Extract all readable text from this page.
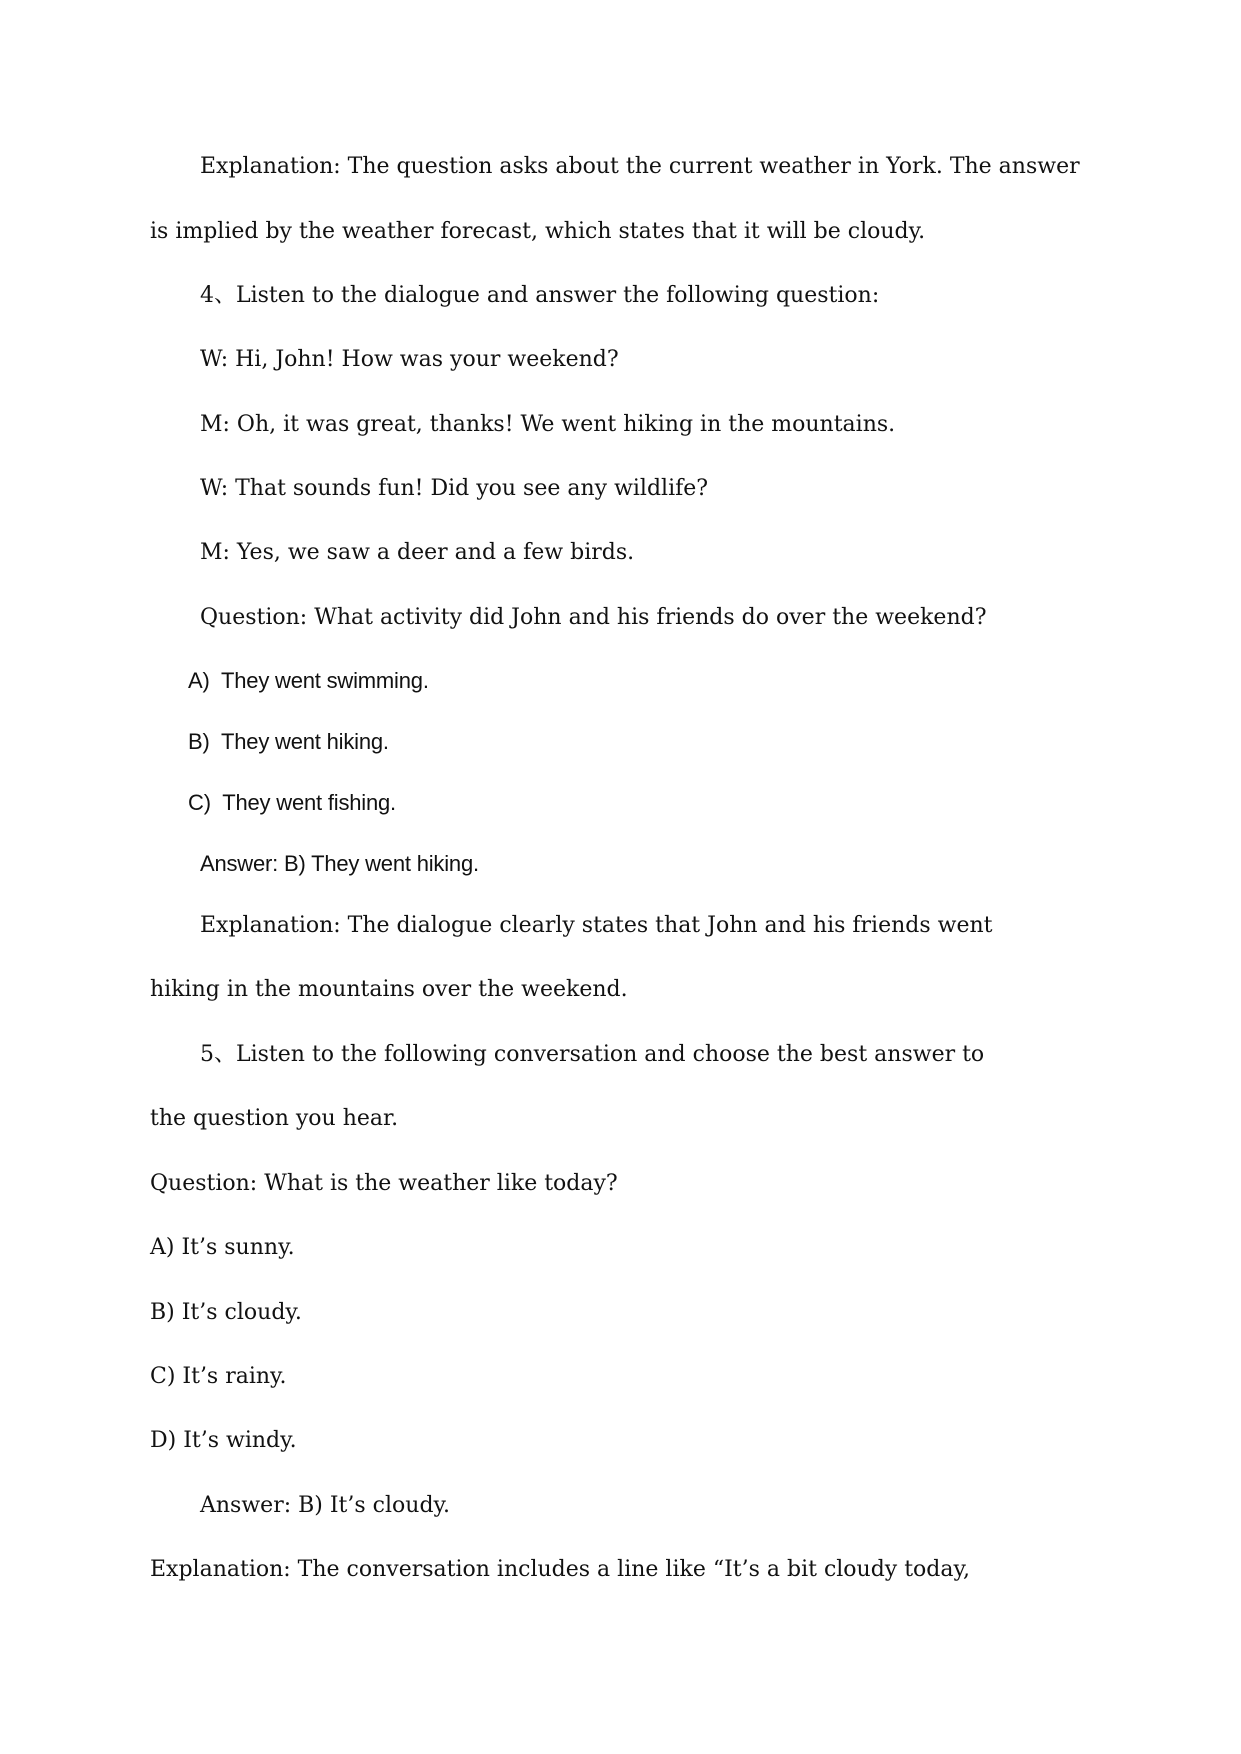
Explanation: The question asks about the current weather in York. The answer
is implied by the weather forecast, which states that it will be cloudy.
4、Listen to the dialogue and answer the following question:
W: Hi, John! How was your weekend?
M: Oh, it was great, thanks! We went hiking in the mountains.
W: That sounds fun! Did you see any wildlife?
M: Yes, we saw a deer and a few birds.
Question: What activity did John and his friends do over the weekend?
A)  They went swimming.
B)  They went hiking.
C)  They went fishing.
Answer: B) They went hiking.
Explanation: The dialogue clearly states that John and his friends went
hiking in the mountains over the weekend.
5、Listen to the following conversation and choose the best answer to
the question you hear.
Question: What is the weather like today?
A) It’s sunny.
B) It’s cloudy.
C) It’s rainy.
D) It’s windy.
Answer: B) It’s cloudy.
Explanation: The conversation includes a line like “It’s a bit cloudy today,
